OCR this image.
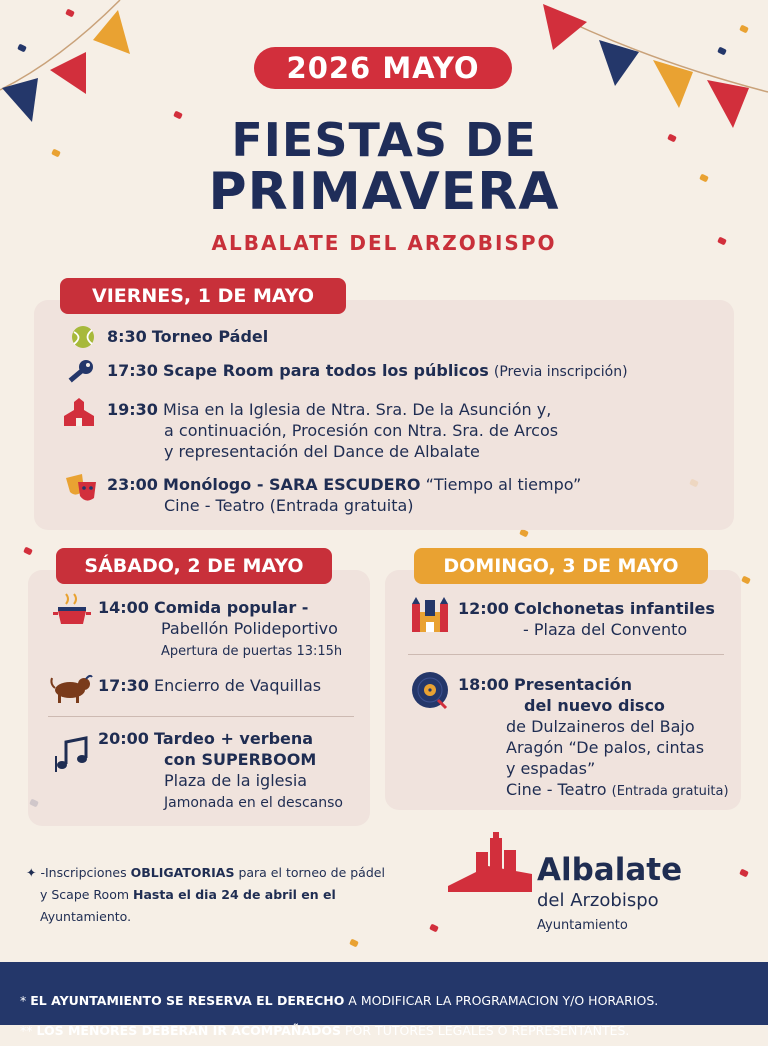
2026 MAYO
FIESTAS DE
PRIMAVERA
ALBALATE DEL ARZOBISPO
VIERNES, 1 DE MAYO
8:30 Torneo Pádel
17:30 Scape Room para todos los públicos (Previa inscripción)
19:30 Misa en la Iglesia de Ntra. Sra. De la Asunción y,
a continuación, Procesión con Ntra. Sra. de Arcos
y representación del Dance de Albalate
23:00 Monólogo - SARA ESCUDERO “Tiempo al tiempo”
Cine - Teatro (Entrada gratuita)
SÁBADO, 2 DE MAYO
14:00 Comida popular -
Pabellón Polideportivo
Apertura de puertas 13:15h
17:30 Encierro de Vaquillas
20:00 Tardeo + verbena
con SUPERBOOM
Plaza de la iglesia
Jamonada en el descanso
DOMINGO, 3 DE MAYO
12:00 Colchonetas infantiles
- Plaza del Convento
18:00 Presentación
del nuevo disco
de Dulzaineros del Bajo
Aragón “De palos, cintas
y espadas”
Cine - Teatro (Entrada gratuita)
✦ -Inscripciones OBLIGATORIAS para el torneo de pádel
y Scape Room Hasta el dia 24 de abril en el
Ayuntamiento.
Albalate
del Arzobispo
Ayuntamiento
* EL AYUNTAMIENTO SE RESERVA EL DERECHO A MODIFICAR LA PROGRAMACION Y/O HORARIOS.
** LOS MENORES DEBERAN IR ACOMPAÑADOS POR TUTORES LEGALES O REPRESENTANTES.
